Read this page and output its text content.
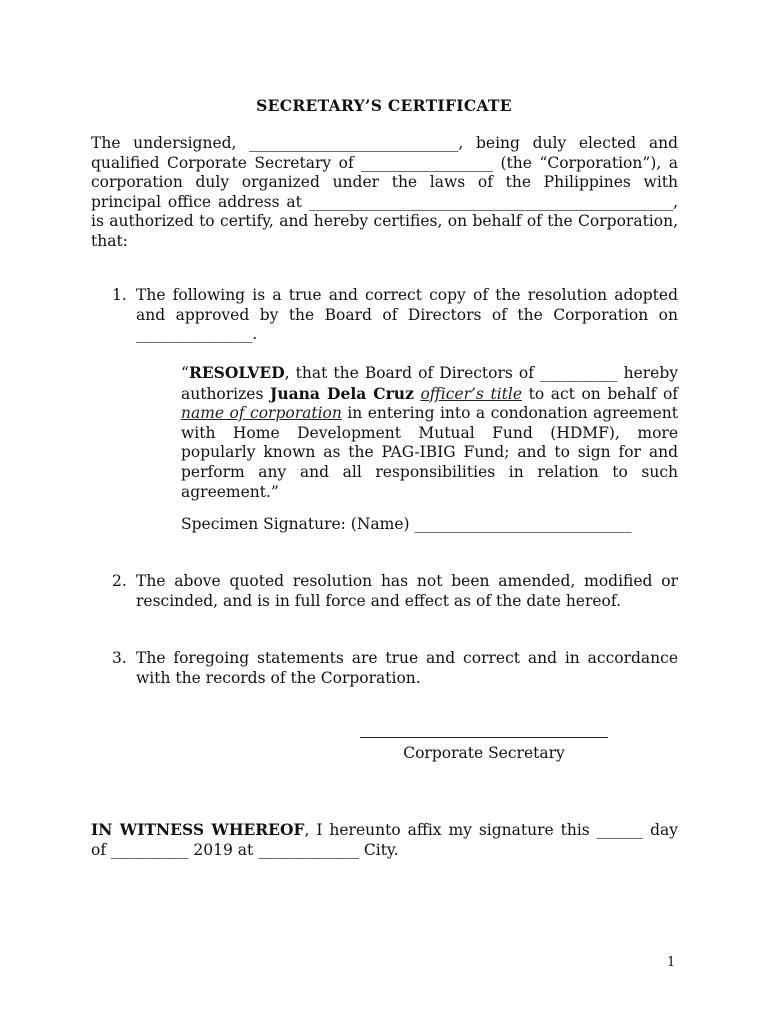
SECRETARY’S CERTIFICATE
The undersigned, ___________________________, being duly elected and qualified Corporate Secretary of _________________ (the “Corporation”), a corporation duly organized under the laws of the Philippines with principal office address at _______________________________________________, is authorized to certify, and hereby certifies, on behalf of the Corporation, that:
1. The following is a true and correct copy of the resolution adopted and approved by the Board of Directors of the Corporation on _______________.
“RESOLVED, that the Board of Directors of __________ hereby authorizes Juana Dela Cruz officer’s title to act on behalf of name of corporation in entering into a condonation agreement with Home Development Mutual Fund (HDMF), more popularly known as the PAG-IBIG Fund; and to sign for and perform any and all responsibilities in relation to such agreement.”
Specimen Signature: (Name) ____________________________
2. The above quoted resolution has not been amended, modified or rescinded, and is in full force and effect as of the date hereof.
3. The foregoing statements are true and correct and in accordance with the records of the Corporation.
Corporate Secretary
IN WITNESS WHEREOF, I hereunto affix my signature this ______ day of __________ 2019 at _____________ City.
1
